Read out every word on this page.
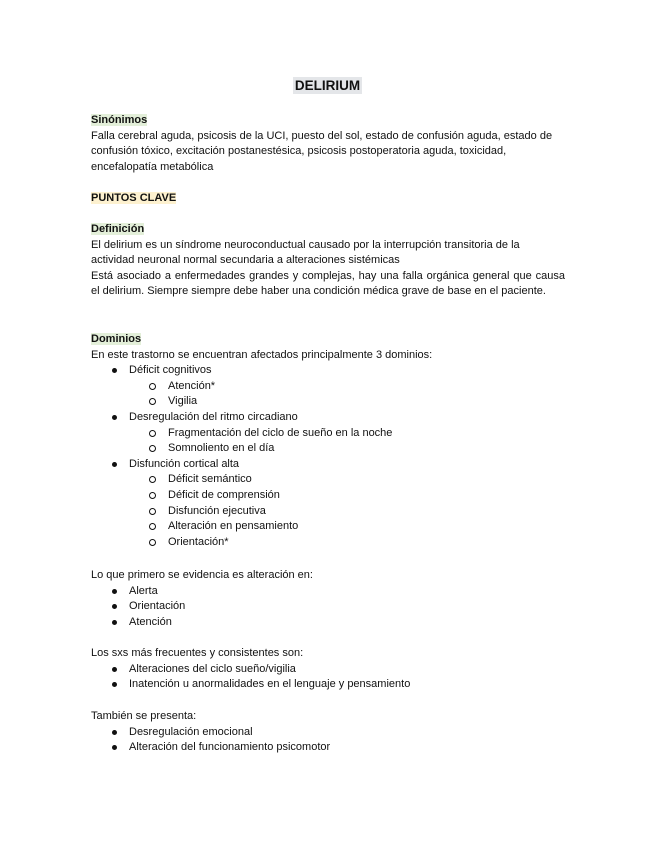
DELIRIUM

Sinónimos

Falla cerebral aguda, psicosis de la UCI, puesto del sol, estado de confusión aguda, estado de confusión tóxico, excitación postanestésica, psicosis postoperatoria aguda, toxicidad, encefalopatía metabólica

PUNTOS CLAVE

Definición

El delirium es un síndrome neuroconductual causado por la interrupción transitoria de la actividad neuronal normal secundaria a alteraciones sistémicas

Está asociado a enfermedades grandes y complejas, hay una falla orgánica general que causa el delirium. Siempre siempre debe haber una condición médica grave de base en el paciente.

Dominios

En este trastorno se encuentran afectados principalmente 3 dominios:

Déficit cognitivos
Atención*
Vigilia
Desregulación del ritmo circadiano
Fragmentación del ciclo de sueño en la noche
Somnoliento en el día
Disfunción cortical alta
Déficit semántico
Déficit de comprensión
Disfunción ejecutiva
Alteración en pensamiento
Orientación*

Lo que primero se evidencia es alteración en:

Alerta
Orientación
Atención

Los sxs más frecuentes y consistentes son:

Alteraciones del ciclo sueño/vigilia
Inatención u anormalidades en el lenguaje y pensamiento

También se presenta:

Desregulación emocional
Alteración del funcionamiento psicomotor
